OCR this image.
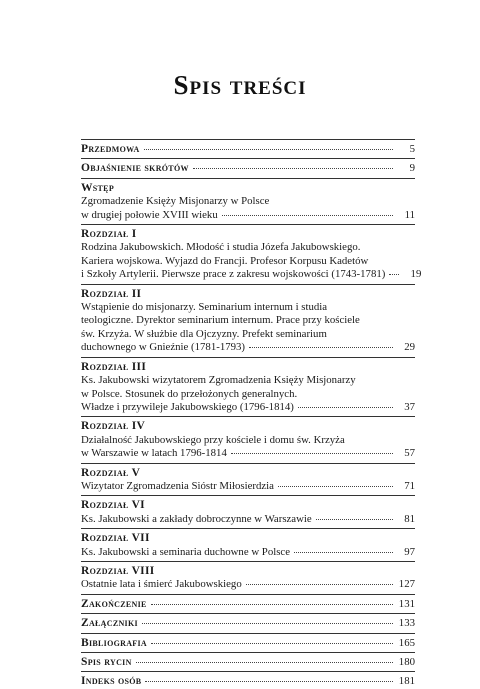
Spis treści
Przedmowa	5
Objaśnienie skrótów	9
Wstęp
Zgromadzenie Księży Misjonarzy w Polsce
w drugiej połowie XVIII wieku	11
Rozdział I
Rodzina Jakubowskich. Młodość i studia Józefa Jakubowskiego.
Kariera wojskowa. Wyjazd do Francji. Profesor Korpusu Kadetów
i Szkoły Artylerii. Pierwsze prace z zakresu wojskowości (1743-1781)	19
Rozdział II
Wstąpienie do misjonarzy. Seminarium internum i studia
teologiczne. Dyrektor seminarium internum. Prace przy kościele
św. Krzyża. W służbie dla Ojczyzny. Prefekt seminarium
duchownego w Gnieźnie (1781-1793)	29
Rozdział III
Ks. Jakubowski wizytatorem Zgromadzenia Księży Misjonarzy
w Polsce. Stosunek do przełożonych generalnych.
Władze i przywileje Jakubowskiego (1796-1814)	37
Rozdział IV
Działalność Jakubowskiego przy kościele i domu św. Krzyża
w Warszawie w latach 1796-1814	57
Rozdział V
Wizytator Zgromadzenia Sióstr Miłosierdzia	71
Rozdział VI
Ks. Jakubowski a zakłady dobroczynne w Warszawie	81
Rozdział VII
Ks. Jakubowski a seminaria duchowne w Polsce	97
Rozdział VIII
Ostatnie lata i śmierć Jakubowskiego	127
Zakończenie	131
Załączniki	133
Bibliografia	165
Spis rycin	180
Indeks osób	181
